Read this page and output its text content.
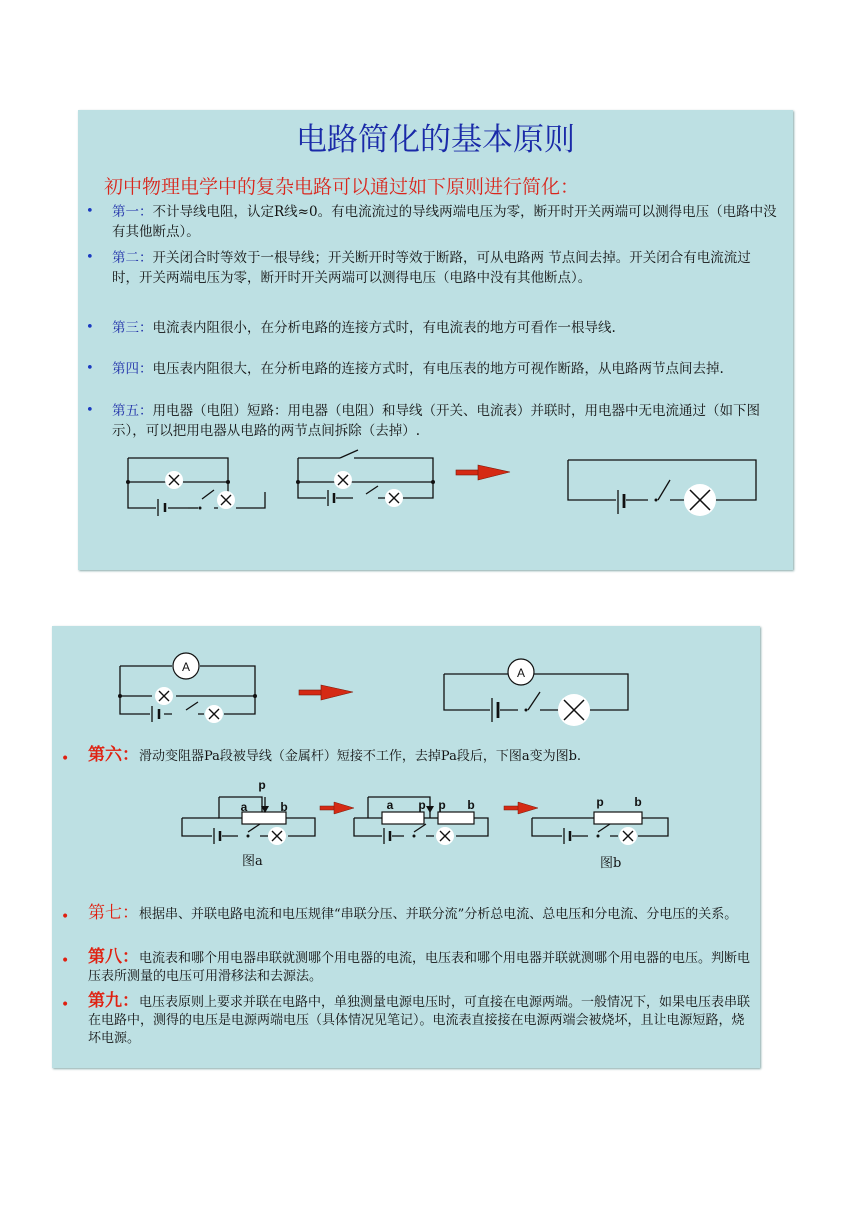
电路简化的基本原则
初中物理电学中的复杂电路可以通过如下原则进行简化：
• 第一：不计导线电阻，认定R线≈0。有电流流过的导线两端电压为零，断开时开关两端可以测得电压（电路中没有其他断点）。
• 第二：开关闭合时等效于一根导线；开关断开时等效于断路，可从电路两 节点间去掉。开关闭合有电流流过时，开关两端电压为零，断开时开关两端可以测得电压（电路中没有其他断点）。
• 第三：电流表内阻很小，在分析电路的连接方式时，有电流表的地方可看作一根导线.
• 第四：电压表内阻很大，在分析电路的连接方式时，有电压表的地方可视作断路，从电路两节点间去掉.
• 第五：用电器（电阻）短路：用电器（电阻）和导线（开关、电流表）并联时，用电器中无电流通过（如下图示），可以把用电器从电路的两节点间拆除（去掉）.
A	A
p
a	b	a p p b	p	b
图a	图b
• 第六：滑动变阻器Pa段被导线（金属杆）短接不工作，去掉Pa段后，下图a变为图b.
• 第七：根据串、并联电路电流和电压规律“串联分压、并联分流”分析总电流、总电压和分电流、分电压的关系。
• 第八：电流表和哪个用电器串联就测哪个用电器的电流，电压表和哪个用电器并联就测哪个用电器的电压。判断电压表所测量的电压可用滑移法和去源法。
• 第九：电压表原则上要求并联在电路中，单独测量电源电压时，可直接在电源两端。一般情况下，如果电压表串联在电路中，测得的电压是电源两端电压（具体情况见笔记）。电流表直接接在电源两端会被烧坏，且让电源短路，烧坏电源。
